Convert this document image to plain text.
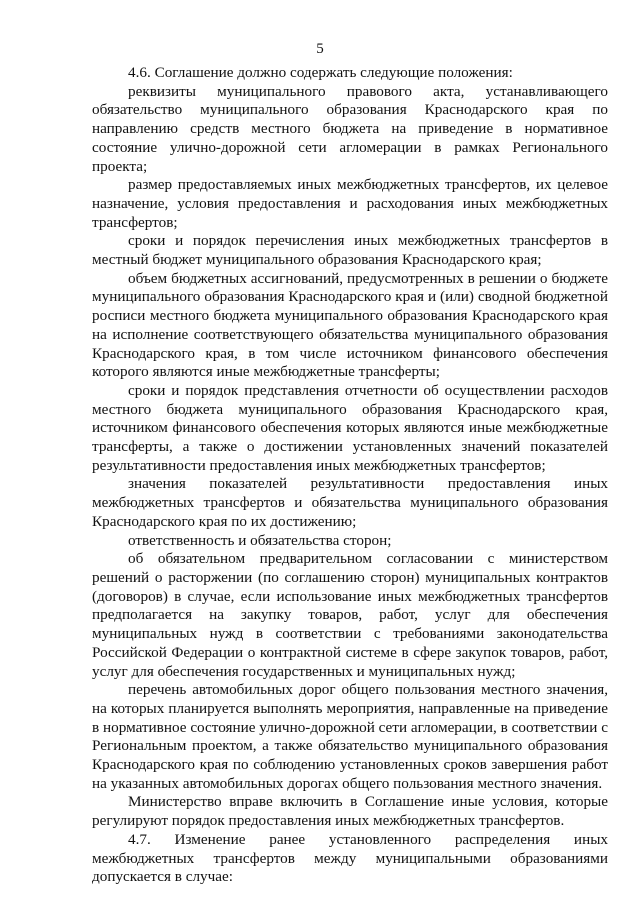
5

4.6. Соглашение должно содержать следующие положения:

реквизиты муниципального правового акта, устанавливающего обязательство муниципального образования Краснодарского края по направлению средств местного бюджета на приведение в нормативное состояние улично-дорожной сети агломерации в рамках Регионального проекта;

размер предоставляемых иных межбюджетных трансфертов, их целевое назначение, условия предоставления и расходования иных межбюджетных трансфертов;

сроки и порядок перечисления иных межбюджетных трансфертов в местный бюджет муниципального образования Краснодарского края;

объем бюджетных ассигнований, предусмотренных в решении о бюджете муниципального образования Краснодарского края и (или) сводной бюджетной росписи местного бюджета муниципального образования Краснодарского края на исполнение соответствующего обязательства муниципального образования Краснодарского края, в том числе источником финансового обеспечения которого являются иные межбюджетные трансферты;

сроки и порядок представления отчетности об осуществлении расходов местного бюджета муниципального образования Краснодарского края, источником финансового обеспечения которых являются иные межбюджетные трансферты, а также о достижении установленных значений показателей результативности предоставления иных межбюджетных трансфертов;

значения показателей результативности предоставления иных межбюджетных трансфертов и обязательства муниципального образования Краснодарского края по их достижению;

ответственность и обязательства сторон;

об обязательном предварительном согласовании с министерством решений о расторжении (по соглашению сторон) муниципальных контрактов (договоров) в случае, если использование иных межбюджетных трансфертов предполагается на закупку товаров, работ, услуг для обеспечения муниципальных нужд в соответствии с требованиями законодательства Российской Федерации о контрактной системе в сфере закупок товаров, работ, услуг для обеспечения государственных и муниципальных нужд;

перечень автомобильных дорог общего пользования местного значения, на которых планируется выполнять мероприятия, направленные на приведение в нормативное состояние улично-дорожной сети агломерации, в соответствии с Региональным проектом, а также обязательство муниципального образования Краснодарского края по соблюдению установленных сроков завершения работ на указанных автомобильных дорогах общего пользования местного значения.

Министерство вправе включить в Соглашение иные условия, которые регулируют порядок предоставления иных межбюджетных трансфертов.

4.7. Изменение ранее установленного распределения иных межбюджетных трансфертов между муниципальными образованиями допускается в случае:
